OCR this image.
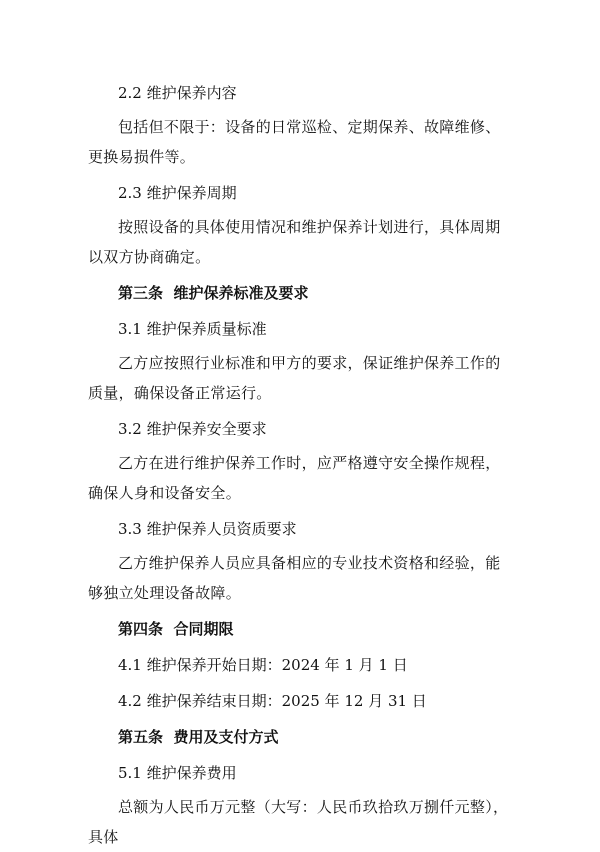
2.2 维护保养内容

包括但不限于：设备的日常巡检、定期保养、故障维修、更换易损件等。

2.3 维护保养周期

按照设备的具体使用情况和维护保养计划进行，具体周期以双方协商确定。

第三条  维护保养标准及要求

3.1 维护保养质量标准

乙方应按照行业标准和甲方的要求，保证维护保养工作的质量，确保设备正常运行。

3.2 维护保养安全要求

乙方在进行维护保养工作时，应严格遵守安全操作规程，确保人身和设备安全。

3.3 维护保养人员资质要求

乙方维护保养人员应具备相应的专业技术资格和经验，能够独立处理设备故障。

第四条  合同期限

4.1 维护保养开始日期：2024 年 1 月 1 日

4.2 维护保养结束日期：2025 年 12 月 31 日

第五条  费用及支付方式

5.1 维护保养费用

总额为人民币万元整（大写：人民币玖拾玖万捌仟元整），具体
